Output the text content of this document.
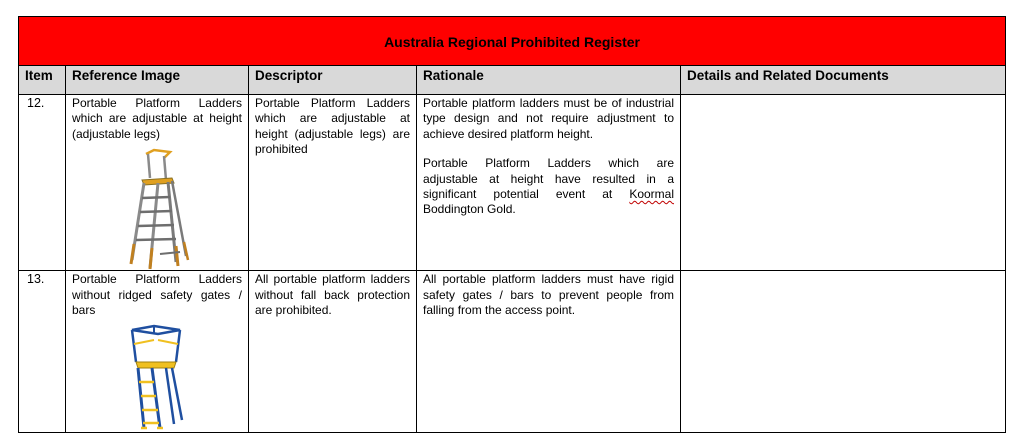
Australia Regional Prohibited Register				
Item	Reference Image	Descriptor	Rationale	Details and Related Documents
12.	Portable Platform Ladders which are adjustable at height (adjustable legs)	Portable Platform Ladders which are adjustable at height (adjustable legs) are prohibited	Portable platform ladders must be of industrial type design and not require adjustment to achieve desired platform height.

Portable Platform Ladders which are adjustable at height have resulted in a significant potential event at Koormal Boddington Gold.	

13.	Portable Platform Ladders without ridged safety gates / bars	All portable platform ladders without fall back protection are prohibited.	All portable platform ladders must have rigid safety gates / bars to prevent people from falling from the access point.	
